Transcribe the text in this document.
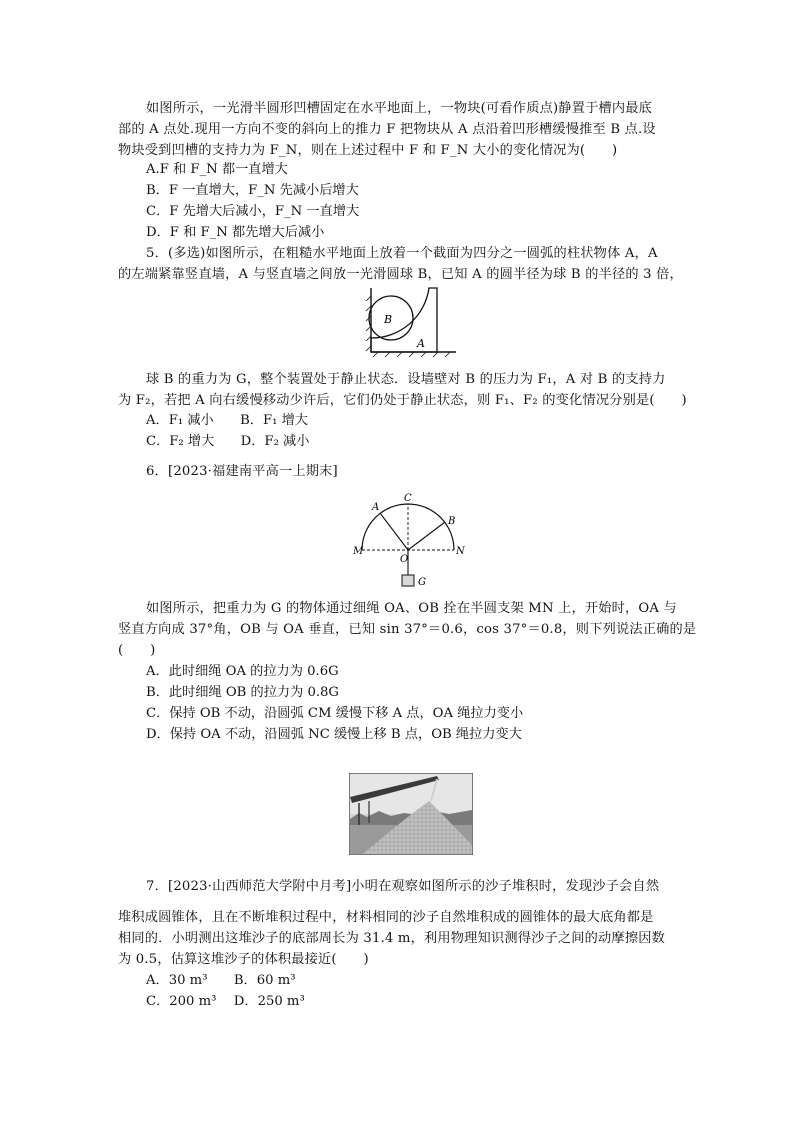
如图所示，一光滑半圆形凹槽固定在水平地面上，一物块(可看作质点)静置于槽内最底
部的 A 点处.现用一方向不变的斜向上的推力 F 把物块从 A 点沿着凹形槽缓慢推至 B 点.设
物块受到凹槽的支持力为 F_N，则在上述过程中 F 和 F_N 大小的变化情况为(　　)
A.F 和 F_N 都一直增大
B．F 一直增大，F_N 先减小后增大
C．F 先增大后减小，F_N 一直增大
D．F 和 F_N 都先增大后减小
5．(多选)如图所示，在粗糙水平地面上放着一个截面为四分之一圆弧的柱状物体 A，A
的左端紧靠竖直墙，A 与竖直墙之间放一光滑圆球 B，已知 A 的圆半径为球 B 的半径的 3 倍，
B
A
球 B 的重力为 G，整个装置处于静止状态．设墙壁对 B 的压力为 F₁，A 对 B 的支持力
为 F₂，若把 A 向右缓慢移动少许后，它们仍处于静止状态，则 F₁、F₂ 的变化情况分别是(　　)
A．F₁ 减小　　B．F₁ 增大
C．F₂ 增大　　D．F₂ 减小
6．[2023·福建南平高一上期末]
C
A
B
M	N
O
G
如图所示，把重力为 G 的物体通过细绳 OA、OB 拴在半圆支架 MN 上，开始时，OA 与
竖直方向成 37°角，OB 与 OA 垂直，已知 sin 37°＝0.6，cos 37°＝0.8，则下列说法正确的是
(　　)
A．此时细绳 OA 的拉力为 0.6G
B．此时细绳 OB 的拉力为 0.8G
C．保持 OB 不动，沿圆弧 CM 缓慢下移 A 点，OA 绳拉力变小
D．保持 OA 不动，沿圆弧 NC 缓慢上移 B 点，OB 绳拉力变大
7．[2023·山西师范大学附中月考]小明在观察如图所示的沙子堆积时，发现沙子会自然
堆积成圆锥体，且在不断堆积过程中，材料相同的沙子自然堆积成的圆锥体的最大底角都是
相同的．小明测出这堆沙子的底部周长为 31.4 m，利用物理知识测得沙子之间的动摩擦因数
为 0.5，估算这堆沙子的体积最接近(　　)
A．30 m³　　B．60 m³
C．200 m³　 D．250 m³
